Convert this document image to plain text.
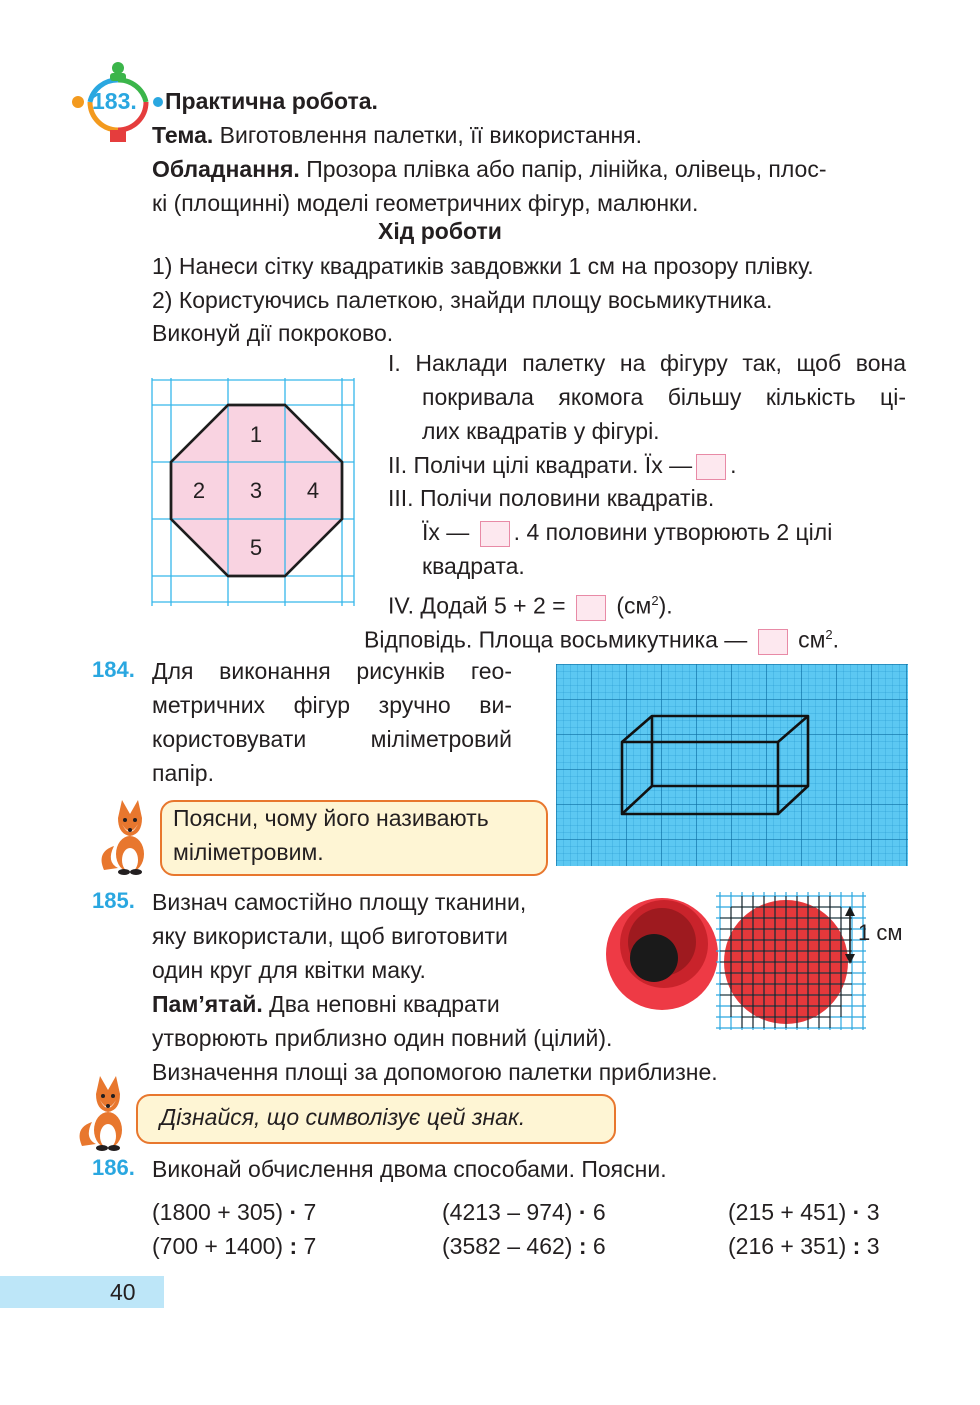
183. Практична робота.
Тема. Виготовлення палетки, її використання.
Обладнання. Прозора плівка або папір, лінійка, олівець, плос-
кі (площинні) моделі геометричних фігур, малюнки.
Хід роботи
1) Нанеси сітку квадратиків завдовжки 1 см на прозору плівку.
2) Користуючись палеткою, знайди площу восьмикутника.
Виконуй дії покроково.
1
2 3 4
5
I. Наклади палетку на фігуру так, щоб вона
покривала якомога більшу кількість ці-
лих квадратів у фігурі.
II. Полічи цілі квадрати. Їх — .
III. Полічи половини квадратів.
Їх — . 4 половини утворюють 2 цілі
квадрата.
IV. Додай $5 + 2 = (см^2)$.
Відповідь. Площа восьмикутника — $см^2$.
184. Для виконання рисунків гео-
метричних фігур зручно ви-
користовувати міліметровий
папір.
Поясни, чому його називають
міліметровим.
185. Визнач самостійно площу тканини,
яку використали, щоб виготовити
один круг для квітки маку.
Пам’ятай. Два неповні квадрати
утворюють приблизно один повний (цілий).
Визначення площі за допомогою палетки приблизне.
1 см
Дізнайся, що символізує цей знак.
186. Виконай обчислення двома способами. Поясни.
(1800 + 305) · 7	(4213 – 974) · 6	(215 + 451) · 3
(700 + 1400) : 7	(3582 – 462) : 6	(216 + 351) : 3
40
